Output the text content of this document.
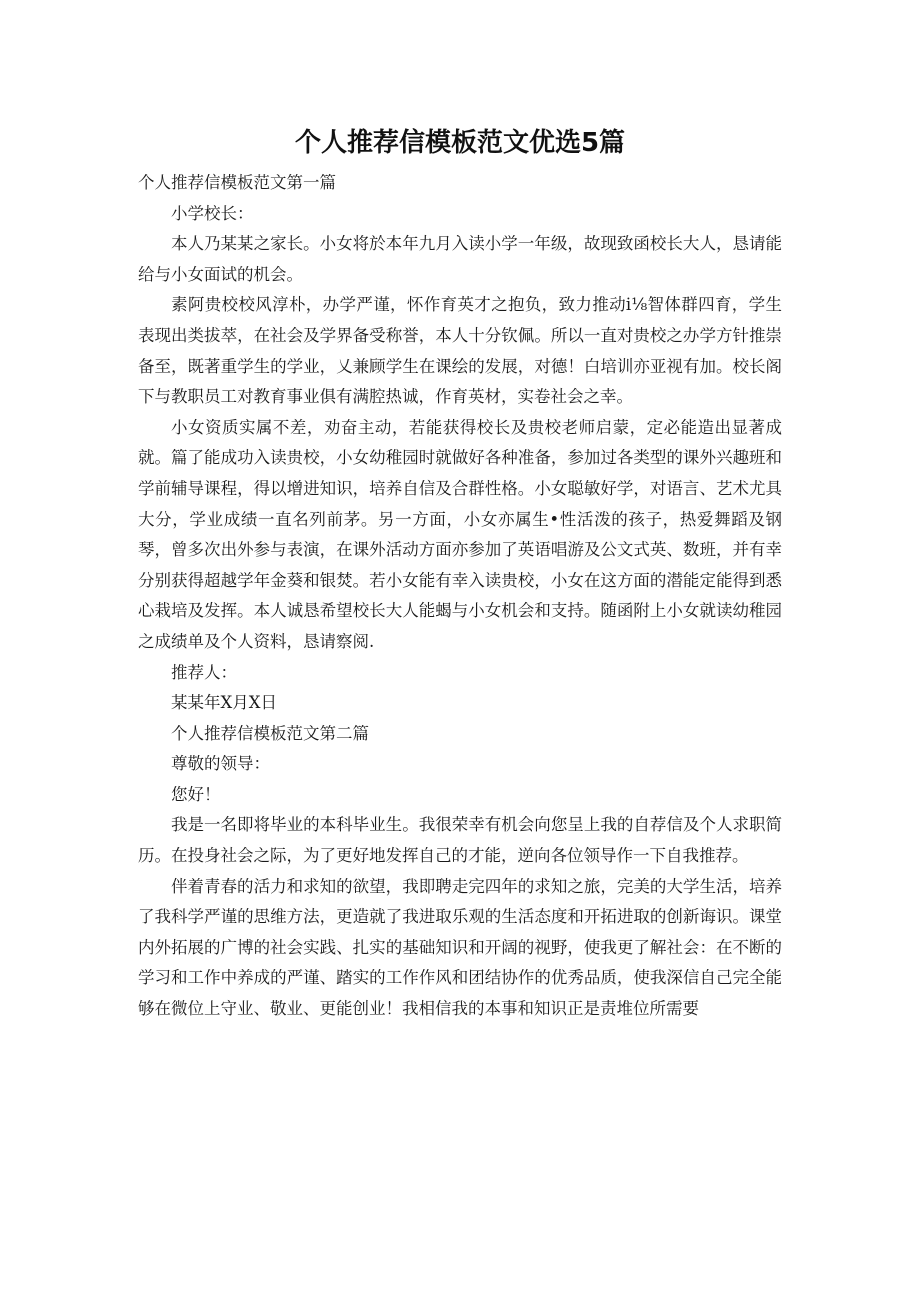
个人推荐信模板范文优选5篇

个人推荐信模板范文第一篇

小学校长：

本人乃某某之家长。小女将於本年九月入读小学一年级，故现致函校长大人，恳请能给与小女面试的机会。

素阿贵校校风淳朴，办学严谨，怀作育英才之抱负，致力推动i⅛智体群四育，学生表现出类拔萃，在社会及学界备受称誉，本人十分钦佩。所以一直对贵校之办学方针推崇备至，既著重学生的学业，乂兼顾学生在课绘的发展，对德！白培训亦亚视有加。校长阁下与教职员工对教育事业俱有满腔热诚，作育英材，实卷社会之幸。

小女资质实属不差，劝奋主动，若能获得校长及贵校老师启蒙，定必能造出显著成就。篇了能成功入读贵校，小女幼稚园时就做好各种准备，参加过各类型的课外兴趣班和学前辅导课程，得以增进知识，培养自信及合群性格。小女聪敏好学，对语言、艺术尤具大分，学业成绩一直名列前茅。另一方面，小女亦属生•性活泼的孩子，热爱舞蹈及钢琴，曾多次出外参与表演，在课外活动方面亦参加了英语唱游及公文式英、数班，并有幸分别获得超越学年金葵和银焚。若小女能有幸入读贵校，小女在这方面的潜能定能得到悉心栽培及发挥。本人诚恳希望校长大人能蝎与小女机会和支持。随函附上小女就读幼稚园之成绩单及个人资料，恳请察阅.

推荐人：

某某年X月X日

个人推荐信模板范文第二篇

尊敬的领导：

您好！

我是一名即将毕业的本科毕业生。我很荣幸有机会向您呈上我的自荐信及个人求职简历。在投身社会之际，为了更好地发挥自己的才能，逆向各位领导作一下自我推荐。

伴着青春的活力和求知的欲望，我即聘走完四年的求知之旅，完美的大学生活，培养了我科学严谨的思维方法，更造就了我进取乐观的生活态度和开拓进取的创新诲识。课堂内外拓展的广博的社会实践、扎实的基础知识和开阔的视野，使我更了解社会：在不断的学习和工作中养成的严谨、踏实的工作作风和团结协作的优秀品质，使我深信自己完全能够在微位上守业、敬业、更能创业！我相信我的本事和知识正是责堆位所需要
